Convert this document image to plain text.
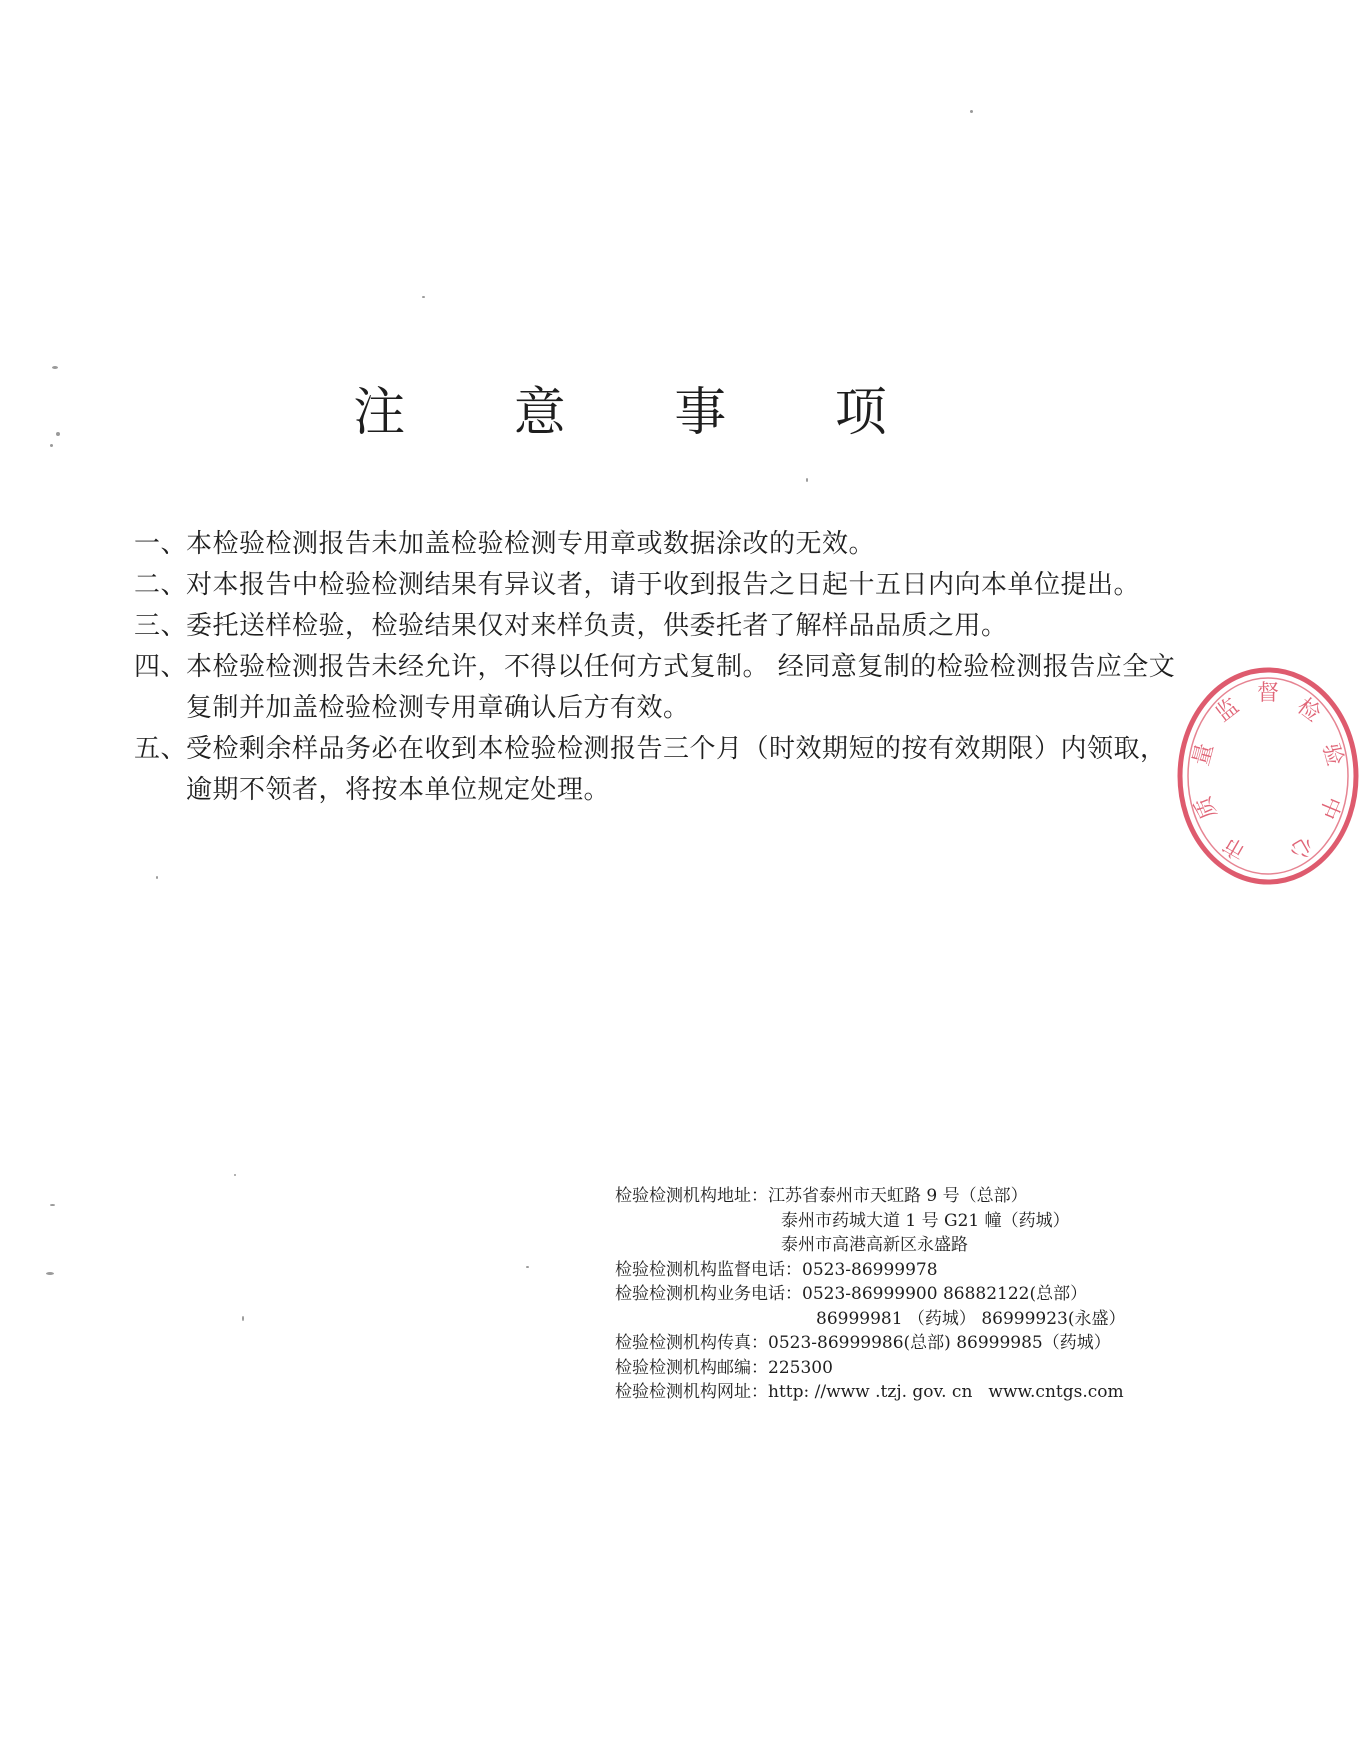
注 意 事 项

一、本检验检测报告未加盖检验检测专用章或数据涂改的无效。

二、对本报告中检验检测结果有异议者，请于收到报告之日起十五日内向本单位提出。

三、委托送样检验，检验结果仅对来样负责，供委托者了解样品品质之用。

四、本检验检测报告未经允许，不得以任何方式复制。 经同意复制的检验检测报告应全文复制并加盖检验检测专用章确认后方有效。

五、受检剩余样品务必在收到本检验检测报告三个月（时效期短的按有效期限）内领取，逾期不领者，将按本单位规定处理。

检验检测机构地址： 江苏省泰州市天虹路 9 号（总部）
泰州市药城大道 1 号 G21 幢（药城）
泰州市高港高新区永盛路
检验检测机构监督电话： 0523-86999978
检验检测机构业务电话： 0523-86999900 86882122(总部）
86999981 （药城） 86999923(永盛）
检验检测机构传真： 0523-86999986(总部) 86999985（药城）
检验检测机构邮编： 225300
检验检测机构网址： http: //www .tzj. gov. cn www.cntgs.com
市
质
量
监
督
检
验
中
心
